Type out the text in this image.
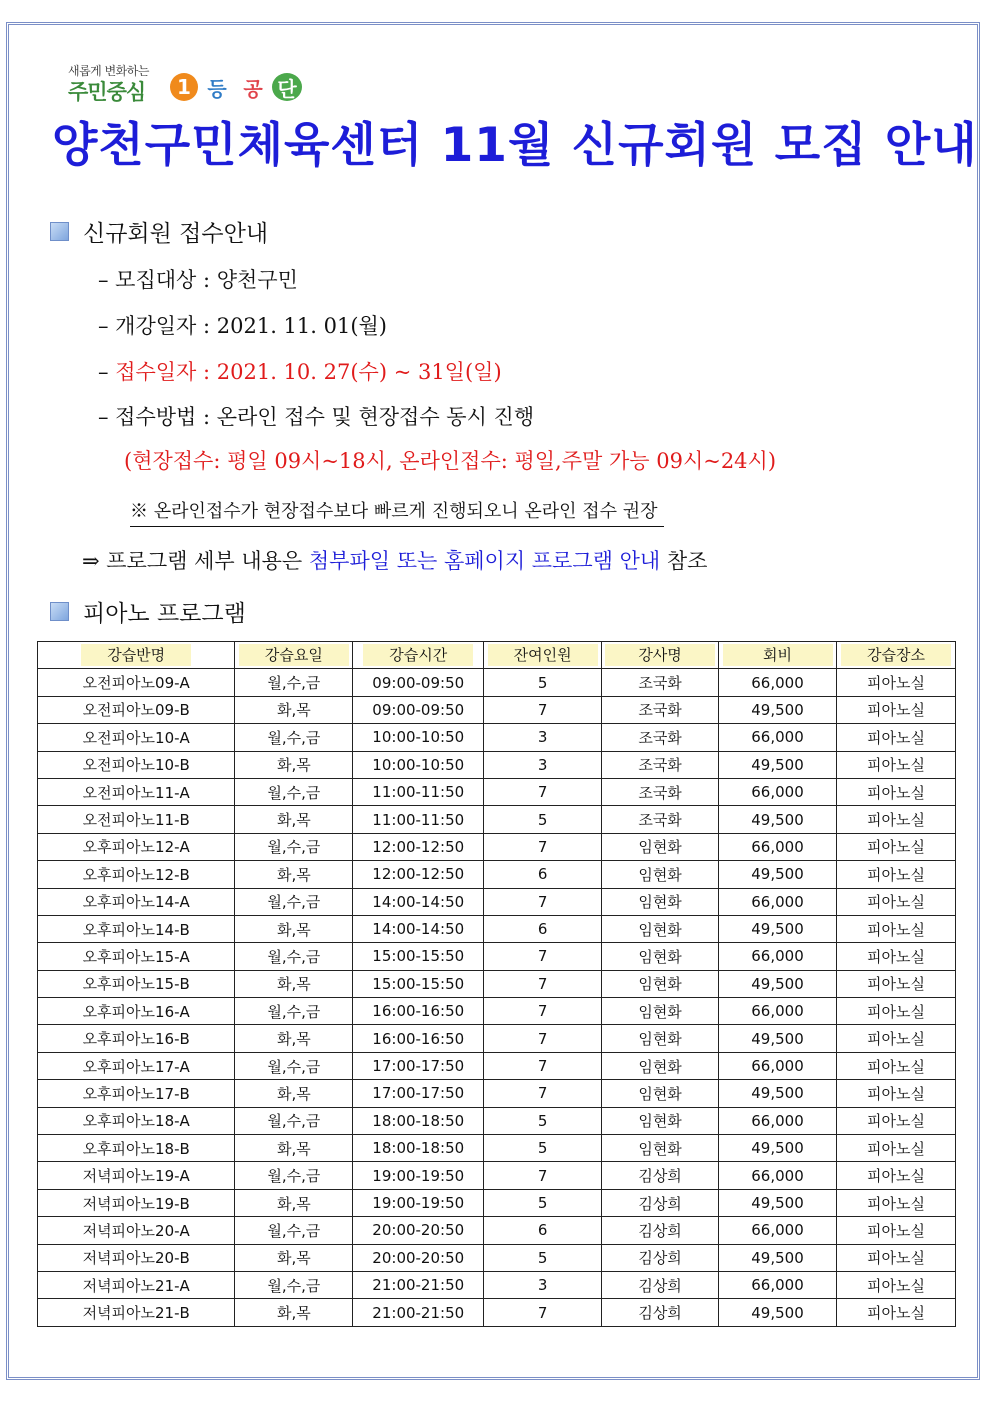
새롭게 변화하는
주민중심	1 등 공 단
양천구민체육센터 11월 신규회원 모집 안내
신규회원 접수안내
– 모집대상 : 양천구민
– 개강일자 : 2021. 11. 01(월)
– 접수일자 : 2021. 10. 27(수) ~ 31일(일)
– 접수방법 : 온라인 접수 및 현장접수 동시 진행
(현장접수: 평일 09시~18시, 온라인접수: 평일,주말 가능 09시~24시)
※ 온라인접수가 현장접수보다 빠르게 진행되오니 온라인 접수 권장
⇒ 프로그램 세부 내용은 첨부파일 또는 홈페이지 프로그램 안내 참조
피아노 프로그램
강습반명	강습요일	강습시간	잔여인원	강사명	회비	강습장소
오전피아노09-A	월,수,금	09:00-09:50	5	조국화	66,000	피아노실
오전피아노09-B	화,목	09:00-09:50	7	조국화	49,500	피아노실
오전피아노10-A	월,수,금	10:00-10:50	3	조국화	66,000	피아노실
오전피아노10-B	화,목	10:00-10:50	3	조국화	49,500	피아노실
오전피아노11-A	월,수,금	11:00-11:50	7	조국화	66,000	피아노실
오전피아노11-B	화,목	11:00-11:50	5	조국화	49,500	피아노실
오후피아노12-A	월,수,금	12:00-12:50	7	임현화	66,000	피아노실
오후피아노12-B	화,목	12:00-12:50	6	임현화	49,500	피아노실
오후피아노14-A	월,수,금	14:00-14:50	7	임현화	66,000	피아노실
오후피아노14-B	화,목	14:00-14:50	6	임현화	49,500	피아노실
오후피아노15-A	월,수,금	15:00-15:50	7	임현화	66,000	피아노실
오후피아노15-B	화,목	15:00-15:50	7	임현화	49,500	피아노실
오후피아노16-A	월,수,금	16:00-16:50	7	임현화	66,000	피아노실
오후피아노16-B	화,목	16:00-16:50	7	임현화	49,500	피아노실
오후피아노17-A	월,수,금	17:00-17:50	7	임현화	66,000	피아노실
오후피아노17-B	화,목	17:00-17:50	7	임현화	49,500	피아노실
오후피아노18-A	월,수,금	18:00-18:50	5	임현화	66,000	피아노실
오후피아노18-B	화,목	18:00-18:50	5	임현화	49,500	피아노실
저녁피아노19-A	월,수,금	19:00-19:50	7	김상희	66,000	피아노실
저녁피아노19-B	화,목	19:00-19:50	5	김상희	49,500	피아노실
저녁피아노20-A	월,수,금	20:00-20:50	6	김상희	66,000	피아노실
저녁피아노20-B	화,목	20:00-20:50	5	김상희	49,500	피아노실
저녁피아노21-A	월,수,금	21:00-21:50	3	김상희	66,000	피아노실
저녁피아노21-B	화,목	21:00-21:50	7	김상희	49,500	피아노실
